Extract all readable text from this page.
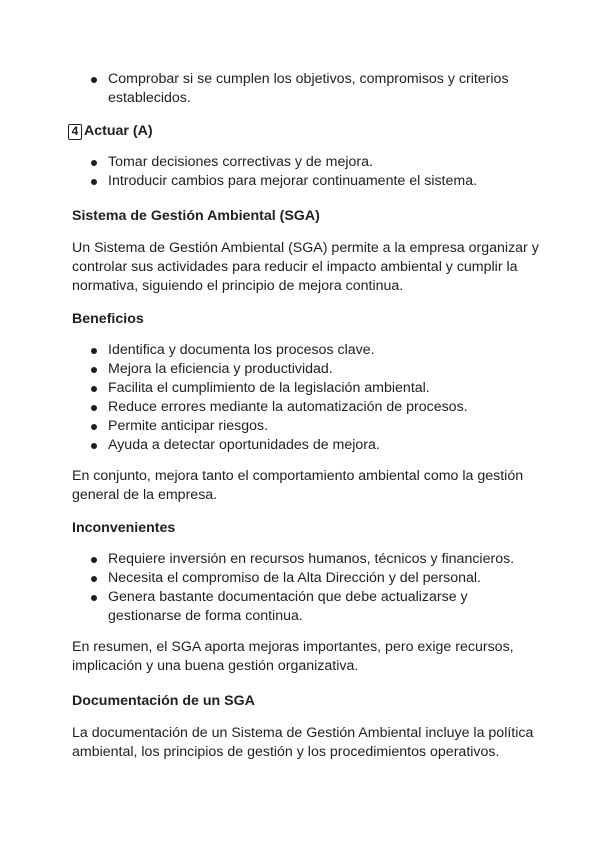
Comprobar si se cumplen los objetivos, compromisos y criterios establecidos.
4 Actuar (A)
Tomar decisiones correctivas y de mejora.
Introducir cambios para mejorar continuamente el sistema.
Sistema de Gestión Ambiental (SGA)

Un Sistema de Gestión Ambiental (SGA) permite a la empresa organizar y controlar sus actividades para reducir el impacto ambiental y cumplir la normativa, siguiendo el principio de mejora continua.

Beneficios
Identifica y documenta los procesos clave.
Mejora la eficiencia y productividad.
Facilita el cumplimiento de la legislación ambiental.
Reduce errores mediante la automatización de procesos.
Permite anticipar riesgos.
Ayuda a detectar oportunidades de mejora.

En conjunto, mejora tanto el comportamiento ambiental como la gestión general de la empresa.

Inconvenientes
Requiere inversión en recursos humanos, técnicos y financieros.
Necesita el compromiso de la Alta Dirección y del personal.
Genera bastante documentación que debe actualizarse y gestionarse de forma continua.

En resumen, el SGA aporta mejoras importantes, pero exige recursos, implicación y una buena gestión organizativa.

Documentación de un SGA

La documentación de un Sistema de Gestión Ambiental incluye la política ambiental, los principios de gestión y los procedimientos operativos.
